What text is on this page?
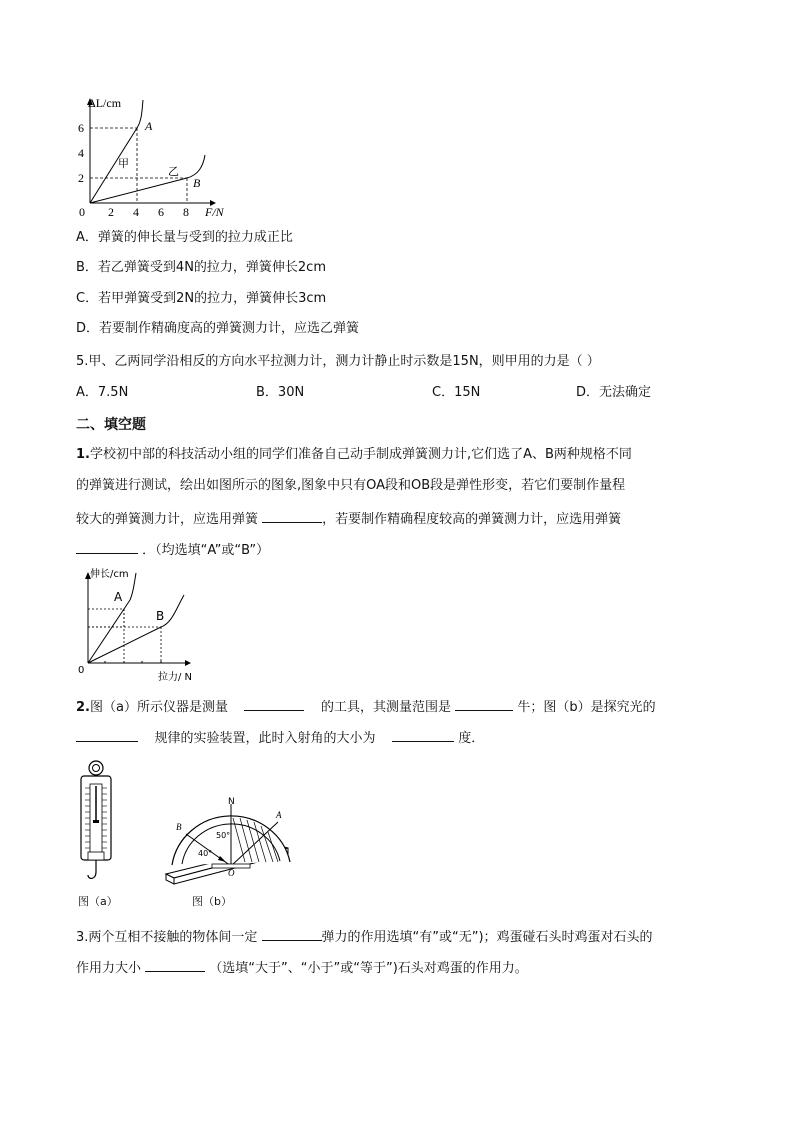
ΔL/cm
F/N
6
4
2
0 2 4 6 8
A
B
甲
乙
A．弹簧的伸长量与受到的拉力成正比
B．若乙弹簧受到4N的拉力，弹簧伸长2cm
C．若甲弹簧受到2N的拉力，弹簧伸长3cm
D．若要制作精确度高的弹簧测力计，应选乙弹簧
5.甲、乙两同学沿相反的方向水平拉测力计，测力计静止时示数是15N，则甲用的力是（ ）
A．7.5N	B．30N	C．15N	D．无法确定
二、填空题
1.学校初中部的科技活动小组的同学们准备自己动手制成弹簧测力计,它们选了A、B两种规格不同
的弹簧进行测试，绘出如图所示的图象,图象中只有OA段和OB段是弹性形变，若它们要制作量程
较大的弹簧测力计，应选用弹簧	，若要制作精确程度较高的弹簧测力计，应选用弹簧
．（均选填“A”或“B”）
伸长/cm
拉力/ N
0
A
B
2.图（a）所示仪器是测量	的工具，其测量范围是	牛；图（b）是探究光的
规律的实验装置，此时入射角的大小为	度．
图（a）
N
B
A
O
50°
40°
图（b）
3.两个互相不接触的物体间一定	弹力的作用选填“有”或“无”)；鸡蛋碰石头时鸡蛋对石头的
作用力大小	（选填“大于”、“小于”或“等于”)石头对鸡蛋的作用力。
